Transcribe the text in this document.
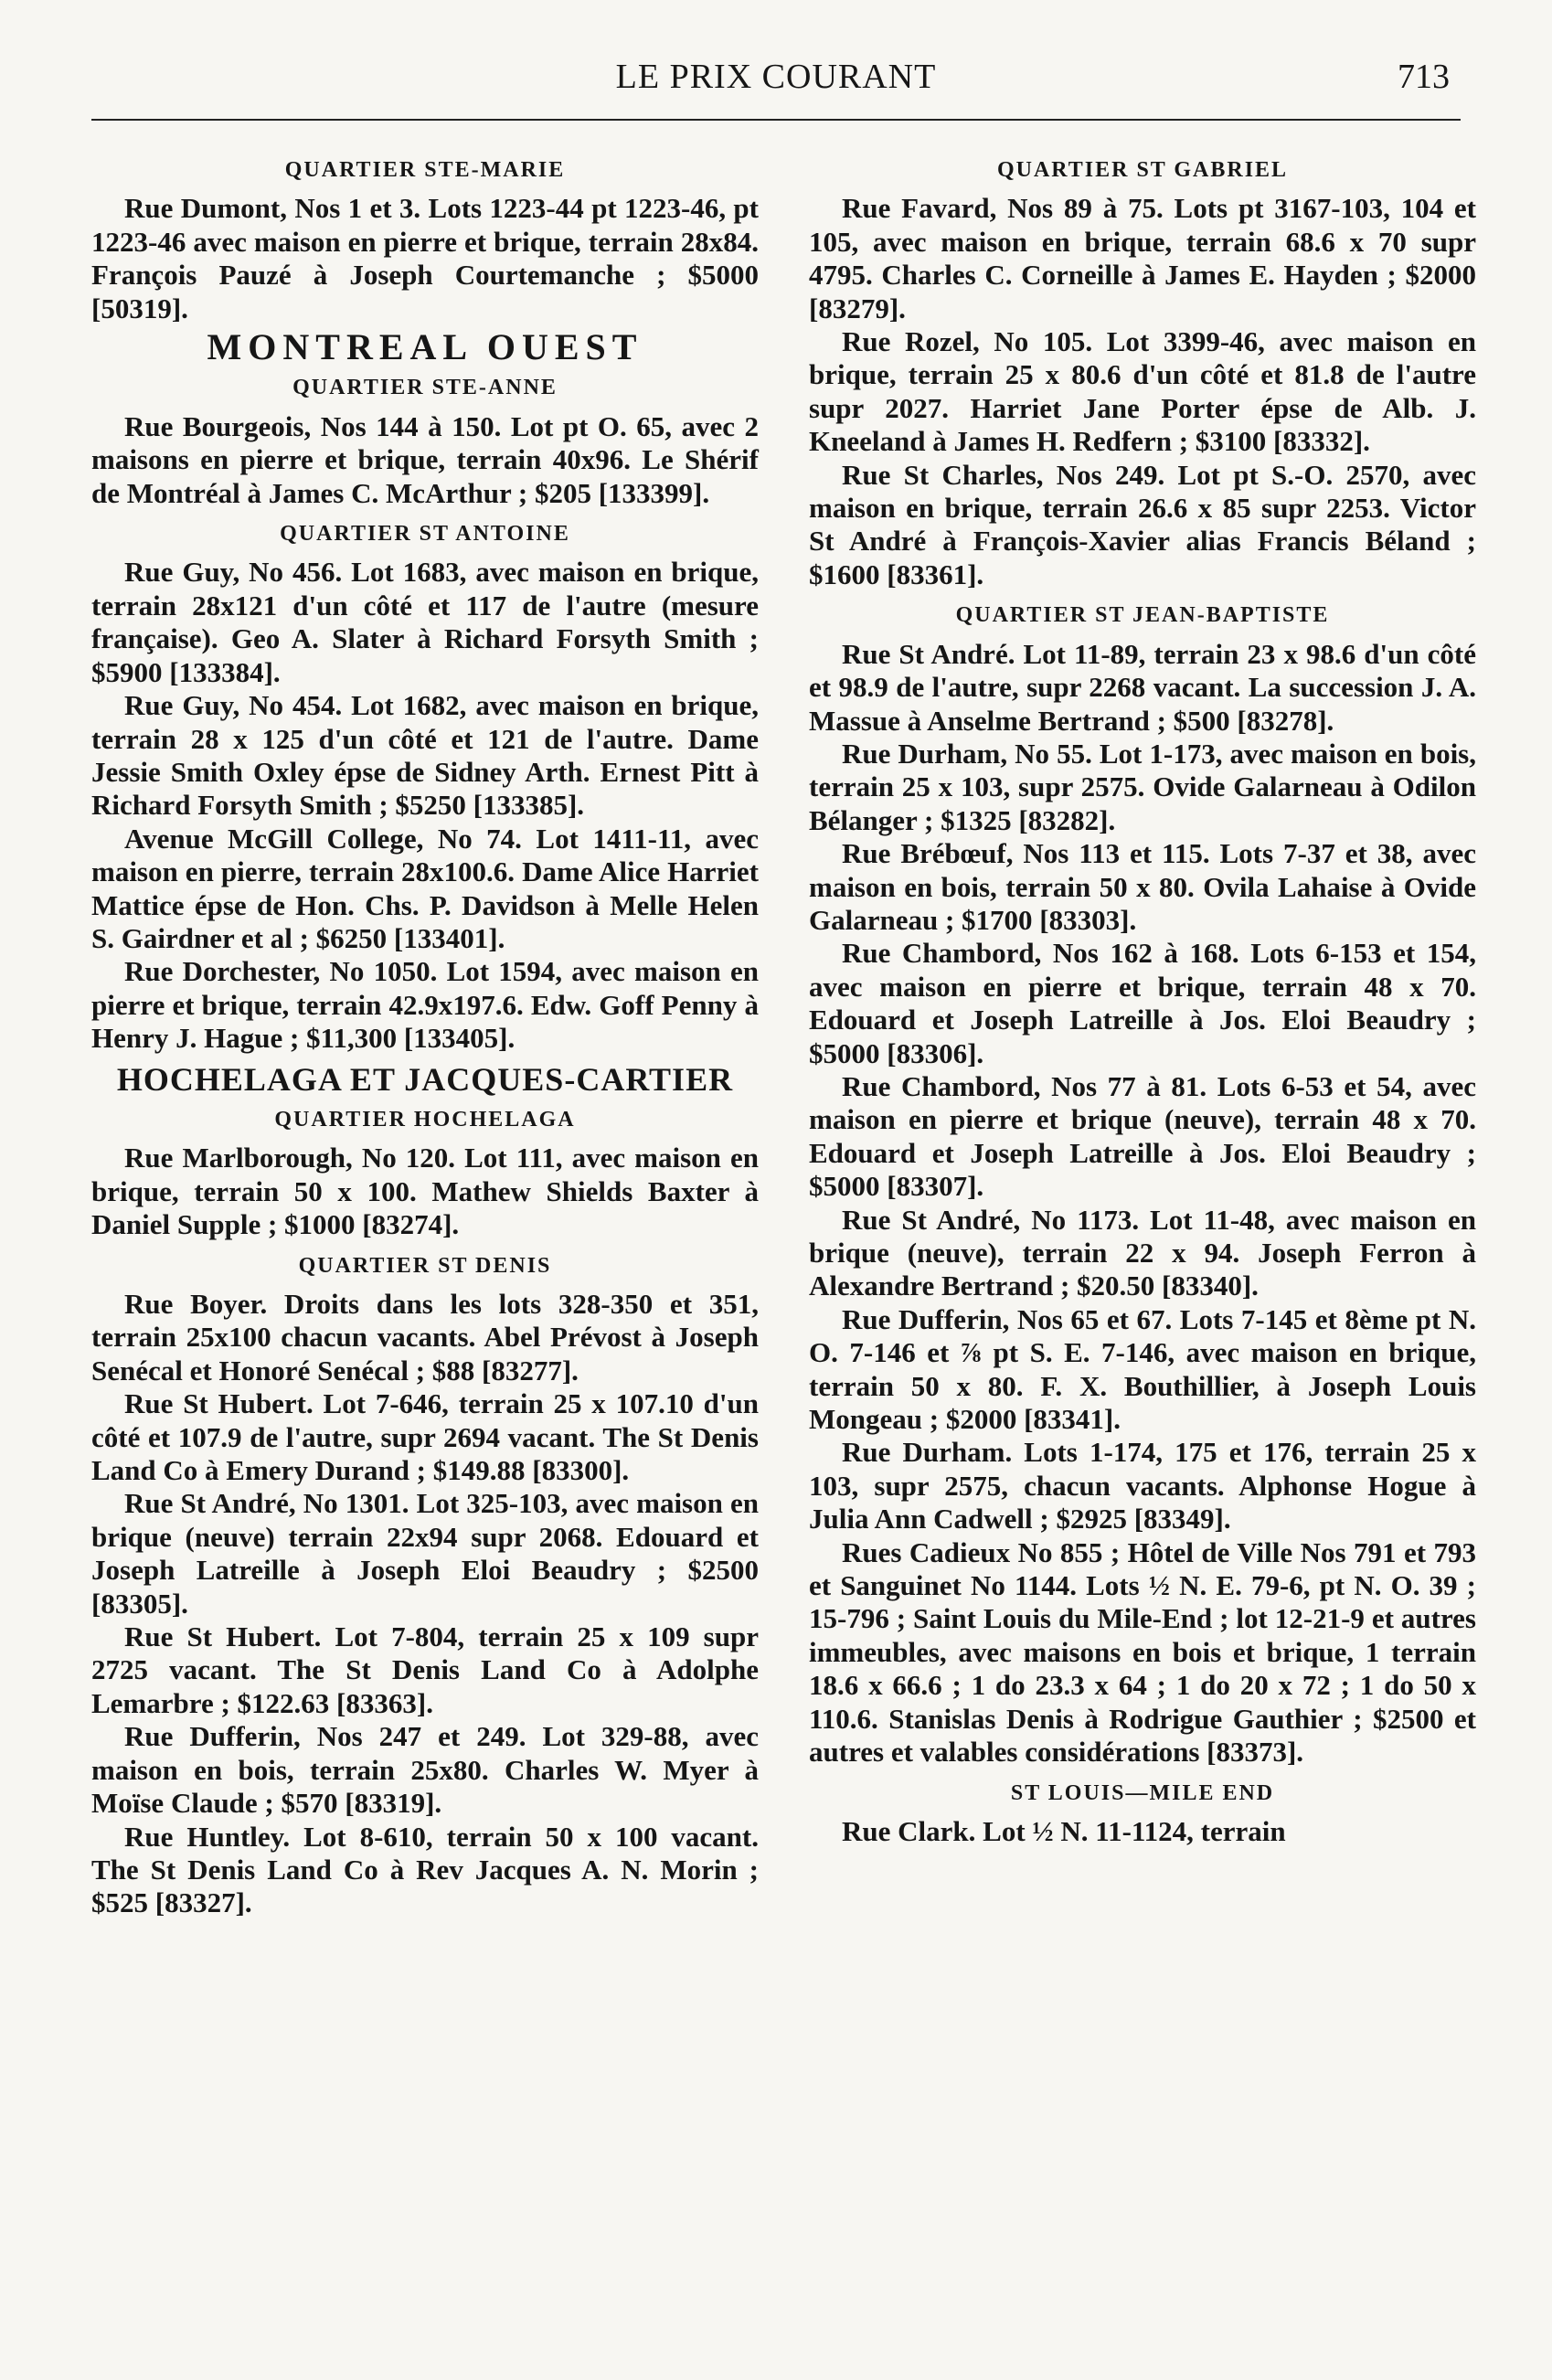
LE PRIX COURANT	713
QUARTIER STE-MARIE
Rue Dumont, Nos 1 et 3. Lots 1223-44 pt 1223-46, pt 1223-46 avec maison en pierre et brique, terrain 28x84. François Pauzé à Joseph Courtemanche ; $5000 [50319].
MONTREAL OUEST
QUARTIER STE-ANNE
Rue Bourgeois, Nos 144 à 150. Lot pt O. 65, avec 2 maisons en pierre et brique, terrain 40x96. Le Shérif de Montréal à James C. McArthur ; $205 [133399].
QUARTIER ST ANTOINE
Rue Guy, No 456. Lot 1683, avec maison en brique, terrain 28x121 d'un côté et 117 de l'autre (mesure française). Geo A. Slater à Richard Forsyth Smith ; $5900 [133384].
Rue Guy, No 454. Lot 1682, avec maison en brique, terrain 28 x 125 d'un côté et 121 de l'autre. Dame Jessie Smith Oxley épse de Sidney Arth. Ernest Pitt à Richard Forsyth Smith ; $5250 [133385].
Avenue McGill College, No 74. Lot 1411-11, avec maison en pierre, terrain 28x100.6. Dame Alice Harriet Mattice épse de Hon. Chs. P. Davidson à Melle Helen S. Gairdner et al ; $6250 [133401].
Rue Dorchester, No 1050. Lot 1594, avec maison en pierre et brique, terrain 42.9x197.6. Edw. Goff Penny à Henry J. Hague ; $11,300 [133405].
HOCHELAGA ET JACQUES-CARTIER
QUARTIER HOCHELAGA
Rue Marlborough, No 120. Lot 111, avec maison en brique, terrain 50 x 100. Mathew Shields Baxter à Daniel Supple ; $1000 [83274].
QUARTIER ST DENIS
Rue Boyer. Droits dans les lots 328-350 et 351, terrain 25x100 chacun vacants. Abel Prévost à Joseph Senécal et Honoré Senécal ; $88 [83277].
Rue St Hubert. Lot 7-646, terrain 25 x 107.10 d'un côté et 107.9 de l'autre, supr 2694 vacant. The St Denis Land Co à Emery Durand ; $149.88 [83300].
Rue St André, No 1301. Lot 325-103, avec maison en brique (neuve) terrain 22x94 supr 2068. Edouard et Joseph Latreille à Joseph Eloi Beaudry ; $2500 [83305].
Rue St Hubert. Lot 7-804, terrain 25 x 109 supr 2725 vacant. The St Denis Land Co à Adolphe Lemarbre ; $122.63 [83363].
Rue Dufferin, Nos 247 et 249. Lot 329-88, avec maison en bois, terrain 25x80. Charles W. Myer à Moïse Claude ; $570 [83319].
Rue Huntley. Lot 8-610, terrain 50 x 100 vacant. The St Denis Land Co à Rev Jacques A. N. Morin ; $525 [83327].
QUARTIER ST GABRIEL
Rue Favard, Nos 89 à 75. Lots pt 3167-103, 104 et 105, avec maison en brique, terrain 68.6 x 70 supr 4795. Charles C. Corneille à James E. Hayden ; $2000 [83279].
Rue Rozel, No 105. Lot 3399-46, avec maison en brique, terrain 25 x 80.6 d'un côté et 81.8 de l'autre supr 2027. Harriet Jane Porter épse de Alb. J. Kneeland à James H. Redfern ; $3100 [83332].
Rue St Charles, Nos 249. Lot pt S.-O. 2570, avec maison en brique, terrain 26.6 x 85 supr 2253. Victor St André à François-Xavier alias Francis Béland ; $1600 [83361].
QUARTIER ST JEAN-BAPTISTE
Rue St André. Lot 11-89, terrain 23 x 98.6 d'un côté et 98.9 de l'autre, supr 2268 vacant. La succession J. A. Massue à Anselme Bertrand ; $500 [83278].
Rue Durham, No 55. Lot 1-173, avec maison en bois, terrain 25 x 103, supr 2575. Ovide Galarneau à Odilon Bélanger ; $1325 [83282].
Rue Brébœuf, Nos 113 et 115. Lots 7-37 et 38, avec maison en bois, terrain 50 x 80. Ovila Lahaise à Ovide Galarneau ; $1700 [83303].
Rue Chambord, Nos 162 à 168. Lots 6-153 et 154, avec maison en pierre et brique, terrain 48 x 70. Edouard et Joseph Latreille à Jos. Eloi Beaudry ; $5000 [83306].
Rue Chambord, Nos 77 à 81. Lots 6-53 et 54, avec maison en pierre et brique (neuve), terrain 48 x 70. Edouard et Joseph Latreille à Jos. Eloi Beaudry ; $5000 [83307].
Rue St André, No 1173. Lot 11-48, avec maison en brique (neuve), terrain 22 x 94. Joseph Ferron à Alexandre Bertrand ; $20.50 [83340].
Rue Dufferin, Nos 65 et 67. Lots 7-145 et 8ème pt N. O. 7-146 et ⅞ pt S. E. 7-146, avec maison en brique, terrain 50 x 80. F. X. Bouthillier, à Joseph Louis Mongeau ; $2000 [83341].
Rue Durham. Lots 1-174, 175 et 176, terrain 25 x 103, supr 2575, chacun vacants. Alphonse Hogue à Julia Ann Cadwell ; $2925 [83349].
Rues Cadieux No 855 ; Hôtel de Ville Nos 791 et 793 et Sanguinet No 1144. Lots ½ N. E. 79-6, pt N. O. 39 ; 15-796 ; Saint Louis du Mile-End ; lot 12-21-9 et autres immeubles, avec maisons en bois et brique, 1 terrain 18.6 x 66.6 ; 1 do 23.3 x 64 ; 1 do 20 x 72 ; 1 do 50 x 110.6. Stanislas Denis à Rodrigue Gauthier ; $2500 et autres et valables considérations [83373].
ST LOUIS—MILE END
Rue Clark. Lot ½ N. 11-1124, terrain
